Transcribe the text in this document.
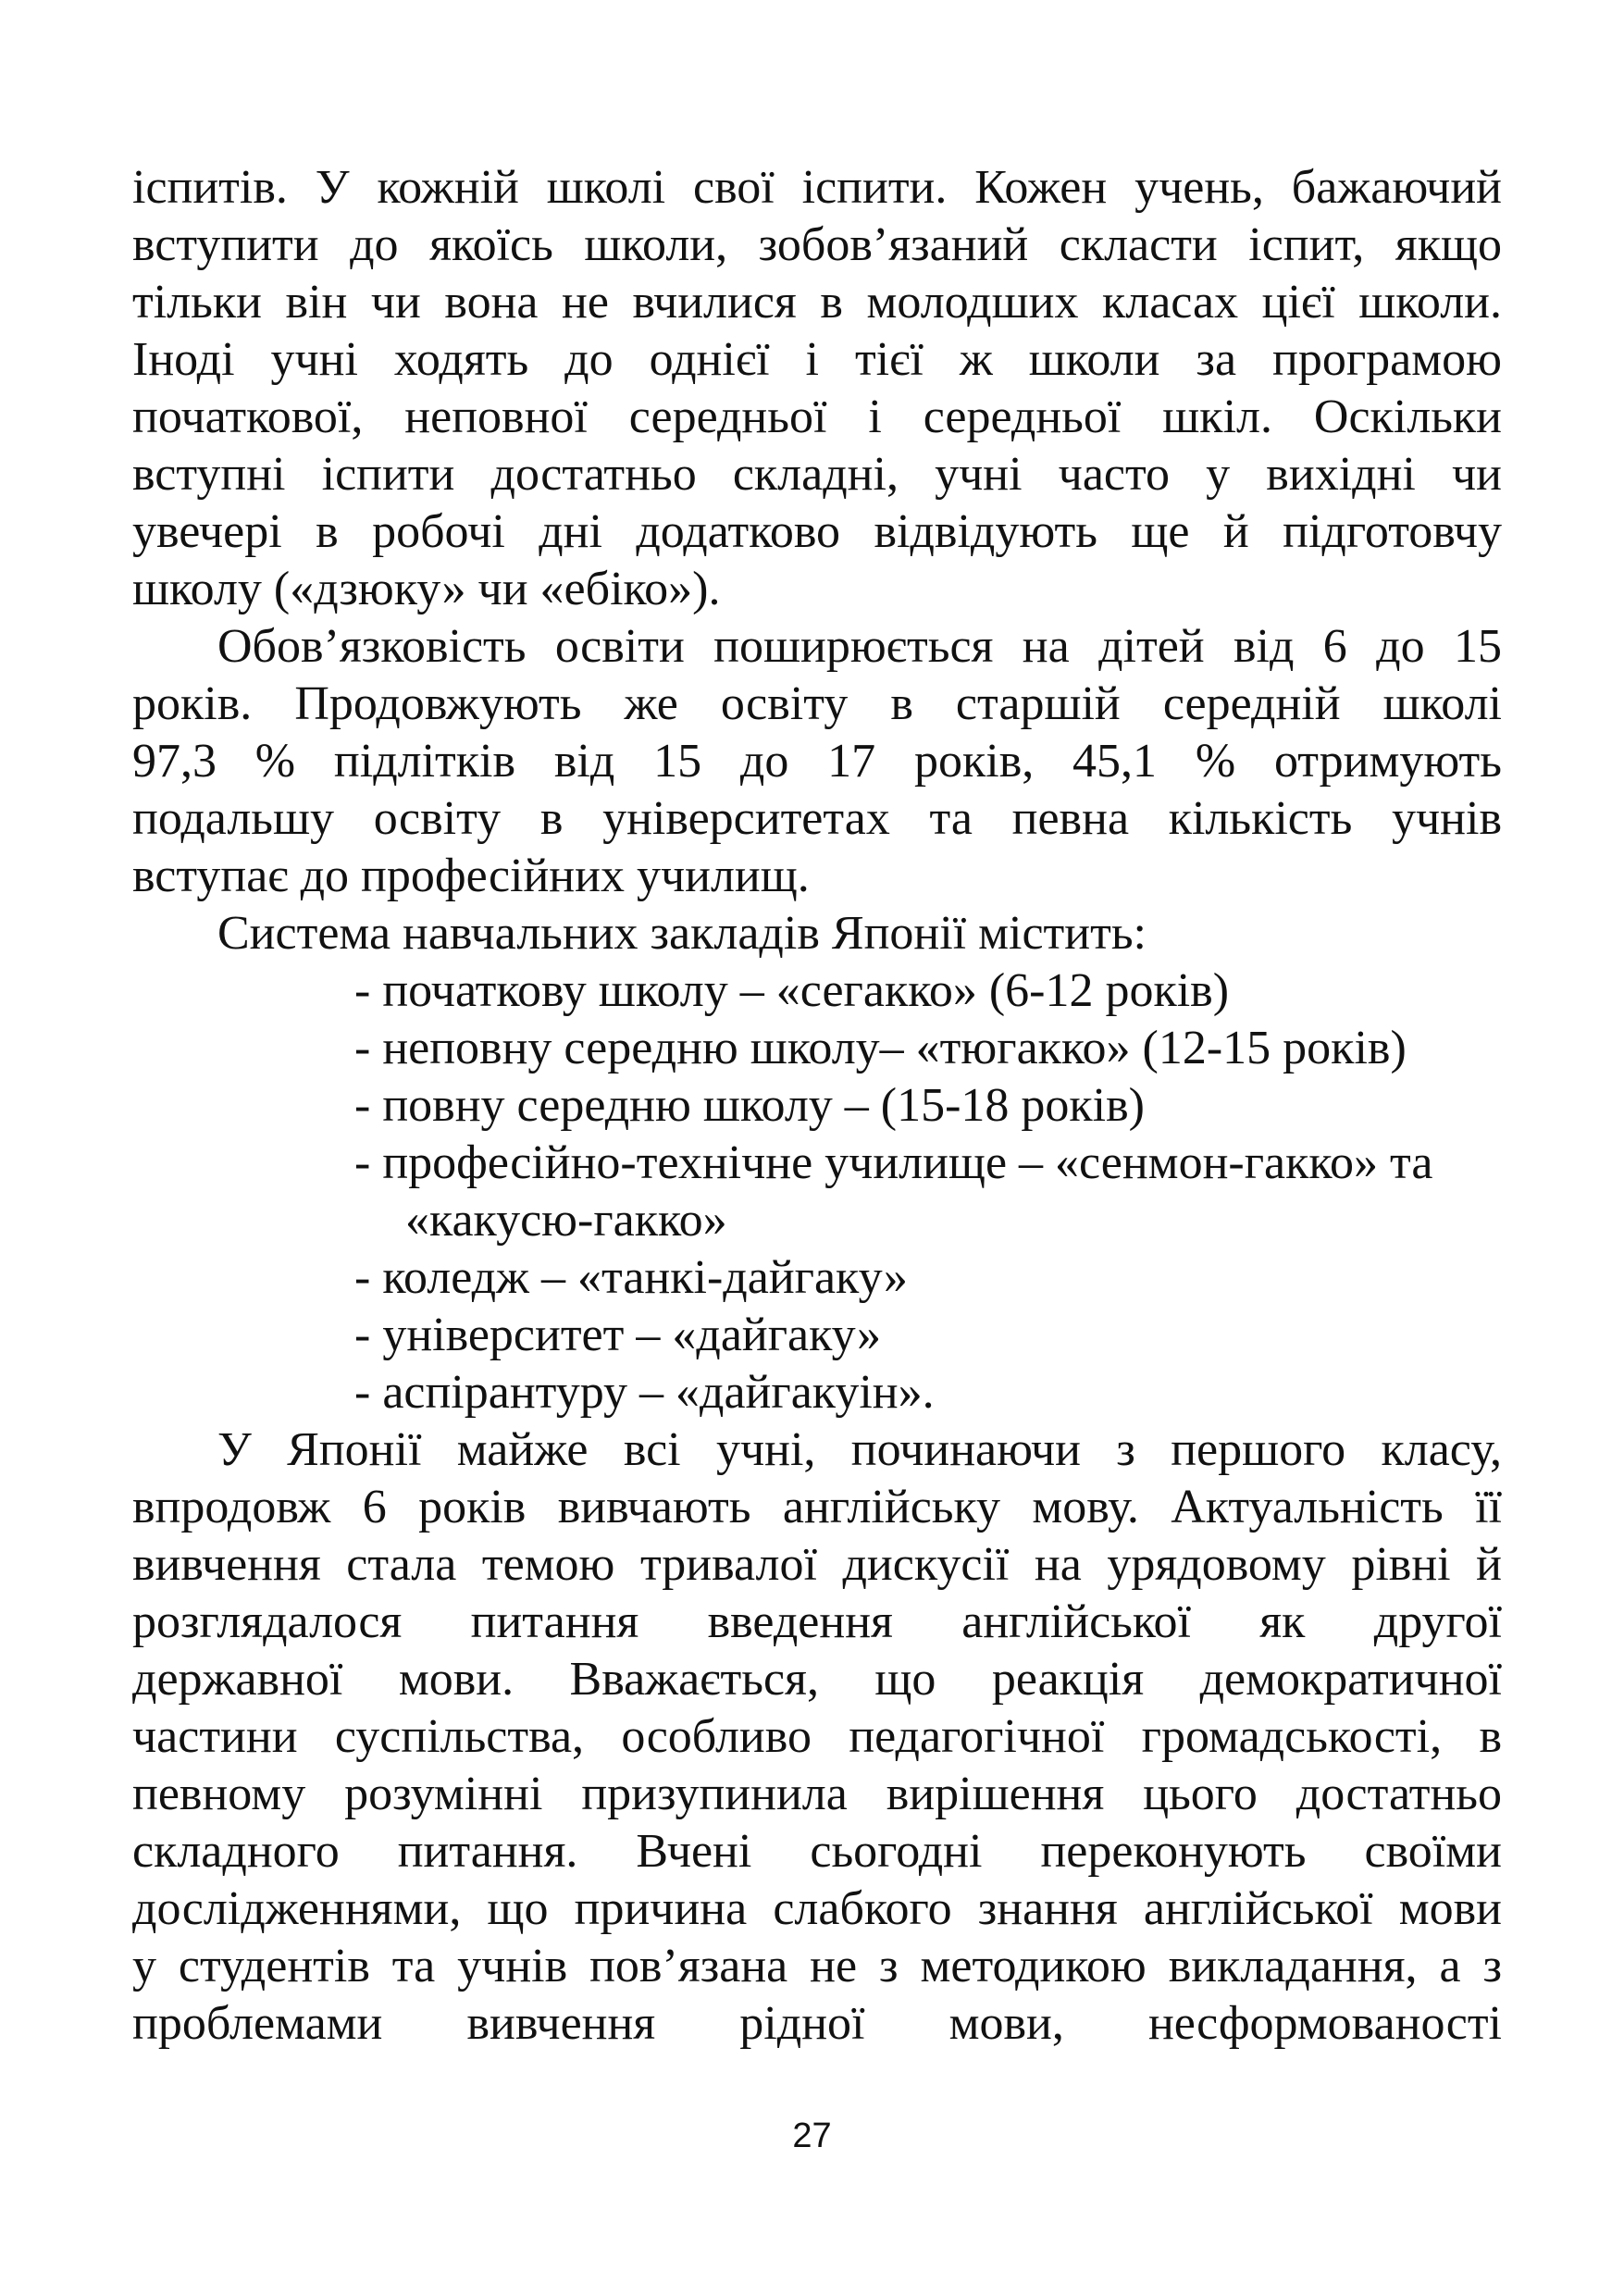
іспитів. У кожній школі свої іспити. Кожен учень, бажаючий
вступити до якоїсь школи, зобов’язаний скласти іспит, якщо
тільки він чи вона не вчилися в молодших класах цієї школи.
Іноді учні ходять до однієї і тієї ж школи за програмою
початкової, неповної середньої і середньої шкіл. Оскільки
вступні іспити достатньо складні, учні часто у вихідні чи
увечері в робочі дні додатково відвідують ще й підготовчу
школу («дзюку» чи «ебіко»).
Обов’язковість освіти поширюється на дітей від 6 до 15
років. Продовжують же освіту в старшій середній школі
97,3 % підлітків від 15 до 17 років, 45,1 % отримують
подальшу освіту в університетах та певна кількість учнів
вступає до професійних училищ.
Система навчальних закладів Японії містить:
- початкову школу – «сегакко» (6-12 років)
- неповну середню школу– «тюгакко» (12-15 років)
- повну середню школу – (15-18 років)
- професійно-технічне училище – «сенмон-гакко» та
«какусю-гакко»
- коледж – «танкі-дайгаку»
- університет – «дайгаку»
- аспірантуру – «дайгакуін».
У Японії майже всі учні, починаючи з першого класу,
впродовж 6 років вивчають англійську мову. Актуальність її
вивчення стала темою тривалої дискусії на урядовому рівні й
розглядалося питання введення англійської як другої
державної мови. Вважається, що реакція демократичної
частини суспільства, особливо педагогічної громадськості, в
певному розумінні призупинила вирішення цього достатньо
складного питання. Вчені сьогодні переконують своїми
дослідженнями, що причина слабкого знання англійської мови
у студентів та учнів пов’язана не з методикою викладання, а з
проблемами вивчення рідної мови, несформованості
27
